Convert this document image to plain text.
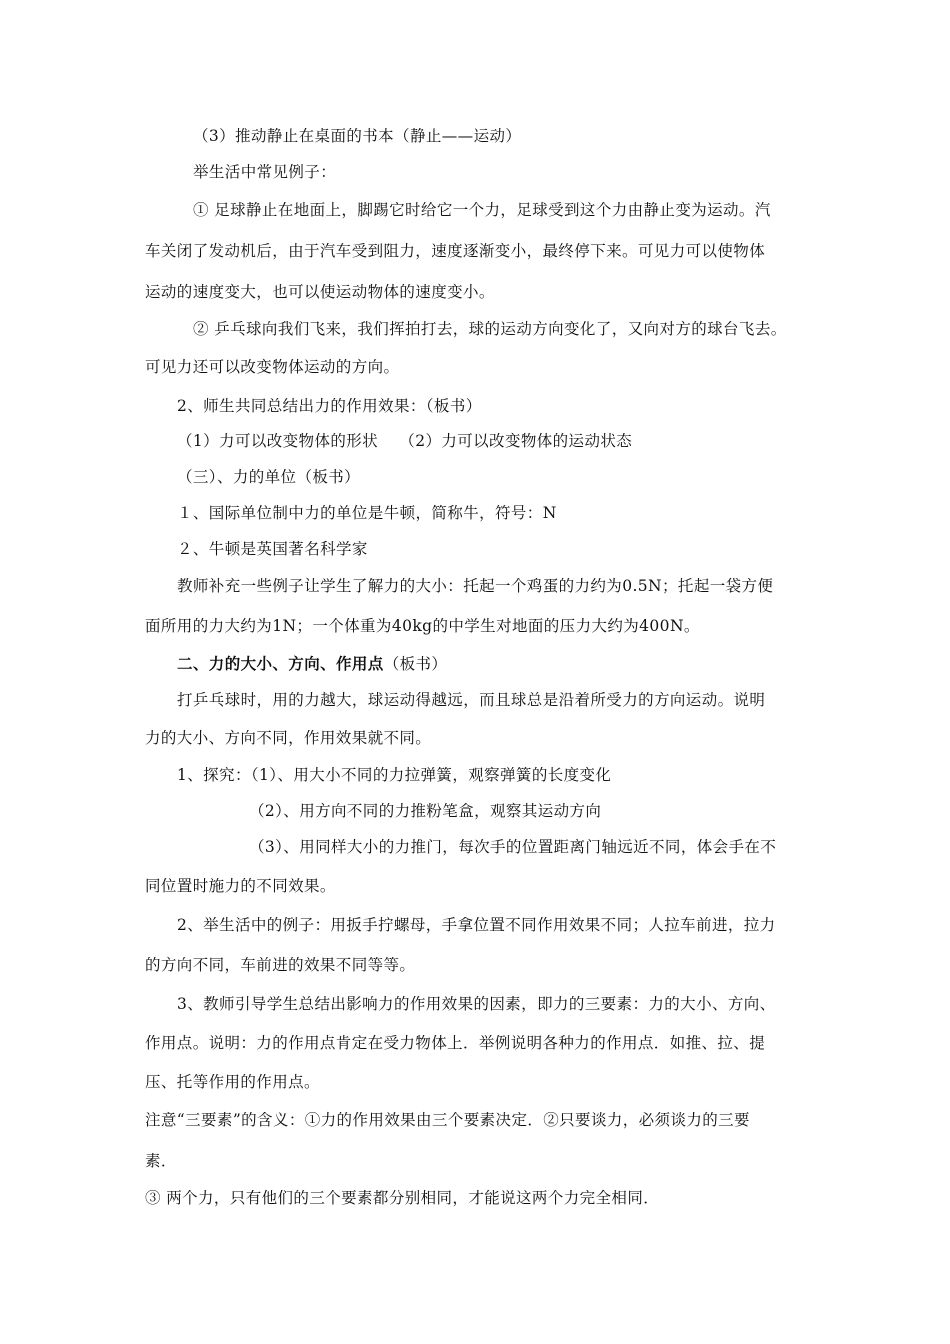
（3）推动静止在桌面的书本（静止——运动）
举生活中常见例子：
① 足球静止在地面上，脚踢它时给它一个力，足球受到这个力由静止变为运动。汽
车关闭了发动机后，由于汽车受到阻力，速度逐渐变小，最终停下来。可见力可以使物体
运动的速度变大，也可以使运动物体的速度变小。
② 乒乓球向我们飞来，我们挥拍打去，球的运动方向变化了，又向对方的球台飞去。
可见力还可以改变物体运动的方向。
2、师生共同总结出力的作用效果：（板书）
（1）力可以改变物体的形状　 （2）力可以改变物体的运动状态
（三）、力的单位（板书）
１、国际单位制中力的单位是牛顿，简称牛，符号：N
２、牛顿是英国著名科学家
教师补充一些例子让学生了解力的大小：托起一个鸡蛋的力约为0.5N；托起一袋方便
面所用的力大约为1N；一个体重为40kg的中学生对地面的压力大约为400N。
二、力的大小、方向、作用点（板书）
打乒乓球时，用的力越大，球运动得越远，而且球总是沿着所受力的方向运动。说明
力的大小、方向不同，作用效果就不同。
1、探究：（1）、用大小不同的力拉弹簧，观察弹簧的长度变化
（2）、用方向不同的力推粉笔盒，观察其运动方向
（3）、用同样大小的力推门，每次手的位置距离门轴远近不同，体会手在不
同位置时施力的不同效果。
2、举生活中的例子：用扳手拧螺母，手拿位置不同作用效果不同；人拉车前进，拉力
的方向不同，车前进的效果不同等等。
3、教师引导学生总结出影响力的作用效果的因素，即力的三要素：力的大小、方向、
作用点。说明：力的作用点肯定在受力物体上．举例说明各种力的作用点．如推、拉、提
压、托等作用的作用点。
注意“三要素”的含义：①力的作用效果由三个要素决定．②只要谈力，必须谈力的三要
素．
③ 两个力，只有他们的三个要素都分别相同，才能说这两个力完全相同．
